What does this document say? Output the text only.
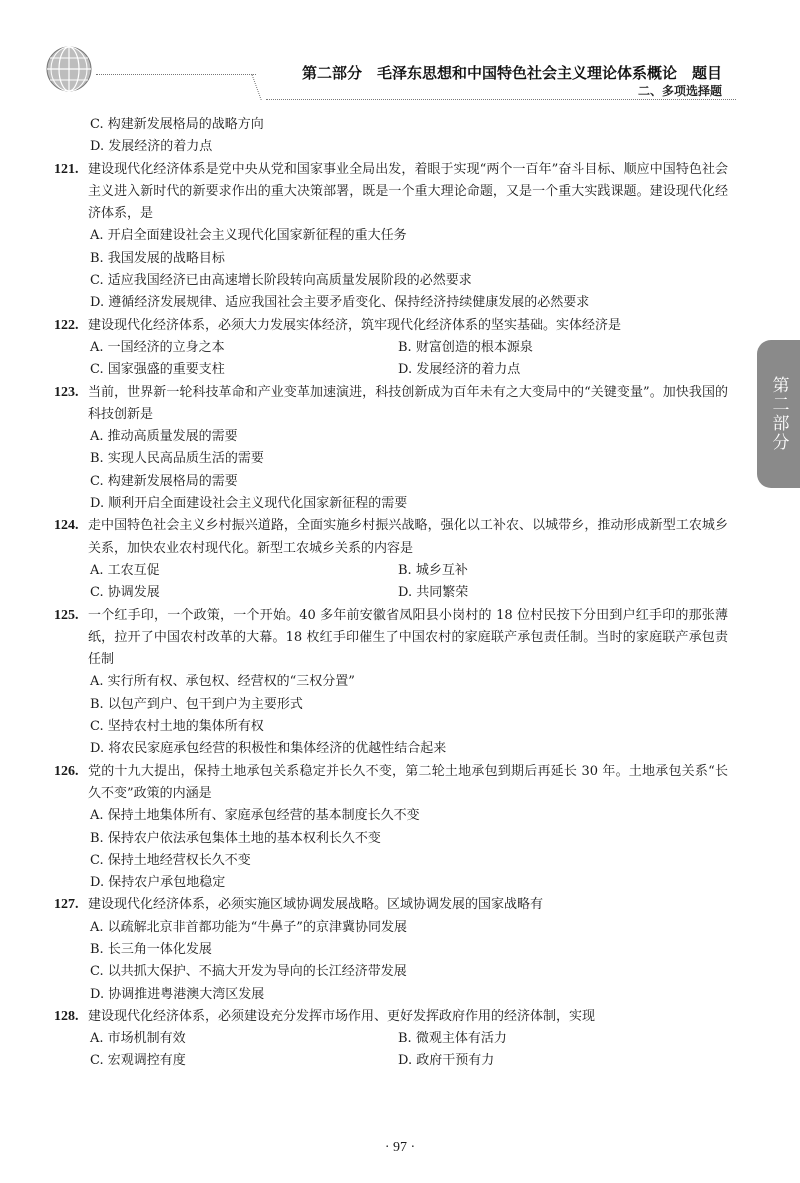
第二部分　毛泽东思想和中国特色社会主义理论体系概论　题目
二、多项选择题
第二部分
C. 构建新发展格局的战略方向
D. 发展经济的着力点
121. 建设现代化经济体系是党中央从党和国家事业全局出发，着眼于实现“两个一百年”奋斗目标、顺应中国特色社会主义进入新时代的新要求作出的重大决策部署，既是一个重大理论命题，又是一个重大实践课题。建设现代化经济体系，是
A. 开启全面建设社会主义现代化国家新征程的重大任务
B. 我国发展的战略目标
C. 适应我国经济已由高速增长阶段转向高质量发展阶段的必然要求
D. 遵循经济发展规律、适应我国社会主要矛盾变化、保持经济持续健康发展的必然要求
122. 建设现代化经济体系，必须大力发展实体经济，筑牢现代化经济体系的坚实基础。实体经济是
A. 一国经济的立身之本	B. 财富创造的根本源泉
C. 国家强盛的重要支柱	D. 发展经济的着力点
123. 当前，世界新一轮科技革命和产业变革加速演进，科技创新成为百年未有之大变局中的“关键变量”。加快我国的科技创新是
A. 推动高质量发展的需要
B. 实现人民高品质生活的需要
C. 构建新发展格局的需要
D. 顺利开启全面建设社会主义现代化国家新征程的需要
124. 走中国特色社会主义乡村振兴道路，全面实施乡村振兴战略，强化以工补农、以城带乡，推动形成新型工农城乡关系，加快农业农村现代化。新型工农城乡关系的内容是
A. 工农互促	B. 城乡互补
C. 协调发展	D. 共同繁荣
125. 一个红手印，一个政策，一个开始。40 多年前安徽省凤阳县小岗村的 18 位村民按下分田到户红手印的那张薄纸，拉开了中国农村改革的大幕。18 枚红手印催生了中国农村的家庭联产承包责任制。当时的家庭联产承包责任制
A. 实行所有权、承包权、经营权的“三权分置”
B. 以包产到户、包干到户为主要形式
C. 坚持农村土地的集体所有权
D. 将农民家庭承包经营的积极性和集体经济的优越性结合起来
126. 党的十九大提出，保持土地承包关系稳定并长久不变，第二轮土地承包到期后再延长 30 年。土地承包关系“长久不变”政策的内涵是
A. 保持土地集体所有、家庭承包经营的基本制度长久不变
B. 保持农户依法承包集体土地的基本权利长久不变
C. 保持土地经营权长久不变
D. 保持农户承包地稳定
127. 建设现代化经济体系，必须实施区域协调发展战略。区域协调发展的国家战略有
A. 以疏解北京非首都功能为“牛鼻子”的京津冀协同发展
B. 长三角一体化发展
C. 以共抓大保护、不搞大开发为导向的长江经济带发展
D. 协调推进粤港澳大湾区发展
128. 建设现代化经济体系，必须建设充分发挥市场作用、更好发挥政府作用的经济体制，实现
A. 市场机制有效	B. 微观主体有活力
C. 宏观调控有度	D. 政府干预有力
· 97 ·
